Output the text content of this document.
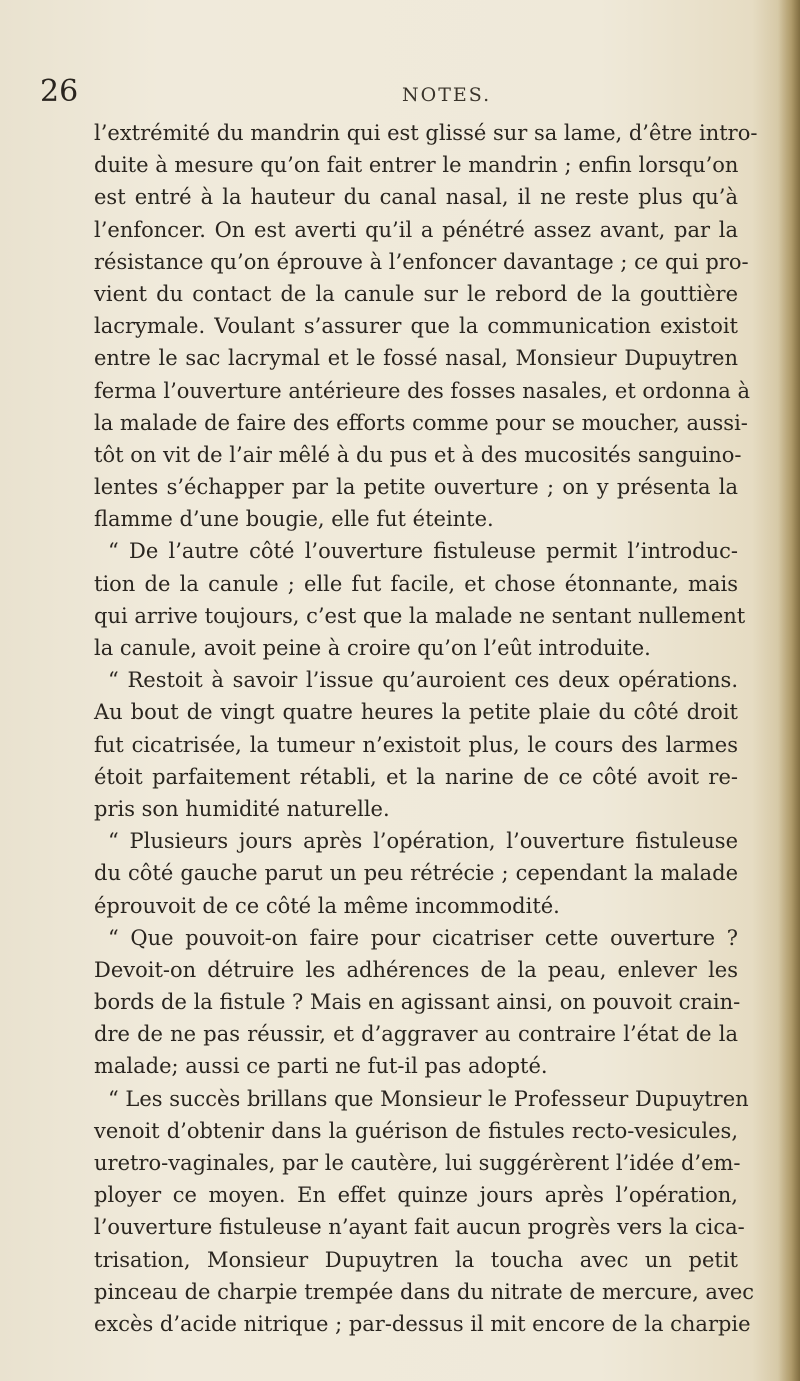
26	NOTES.
l’extrémité du mandrin qui est glissé sur sa lame, d’être intro-
duite à mesure qu’on fait entrer le mandrin ; enfin lorsqu’on
est entré à la hauteur du canal nasal, il ne reste plus qu’à
l’enfoncer. On est averti qu’il a pénétré assez avant, par la
résistance qu’on éprouve à l’enfoncer davantage ; ce qui pro-
vient du contact de la canule sur le rebord de la gouttière
lacrymale. Voulant s’assurer que la communication existoit
entre le sac lacrymal et le fossé nasal, Monsieur Dupuytren
ferma l’ouverture antérieure des fosses nasales, et ordonna à
la malade de faire des efforts comme pour se moucher, aussi-
tôt on vit de l’air mêlé à du pus et à des mucosités sanguino-
lentes s’échapper par la petite ouverture ; on y présenta la
flamme d’une bougie, elle fut éteinte.
“ De l’autre côté l’ouverture fistuleuse permit l’introduc-
tion de la canule ; elle fut facile, et chose étonnante, mais
qui arrive toujours, c’est que la malade ne sentant nullement
la canule, avoit peine à croire qu’on l’eût introduite.
“ Restoit à savoir l’issue qu’auroient ces deux opérations.
Au bout de vingt quatre heures la petite plaie du côté droit
fut cicatrisée, la tumeur n’existoit plus, le cours des larmes
étoit parfaitement rétabli, et la narine de ce côté avoit re-
pris son humidité naturelle.
“ Plusieurs jours après l’opération, l’ouverture fistuleuse
du côté gauche parut un peu rétrécie ; cependant la malade
éprouvoit de ce côté la même incommodité.
“ Que pouvoit-on faire pour cicatriser cette ouverture ?
Devoit-on détruire les adhérences de la peau, enlever les
bords de la fistule ? Mais en agissant ainsi, on pouvoit crain-
dre de ne pas réussir, et d’aggraver au contraire l’état de la
malade; aussi ce parti ne fut-il pas adopté.
“ Les succès brillans que Monsieur le Professeur Dupuytren
venoit d’obtenir dans la guérison de fistules recto-vesicules,
uretro-vaginales, par le cautère, lui suggérèrent l’idée d’em-
ployer ce moyen. En effet quinze jours après l’opération,
l’ouverture fistuleuse n’ayant fait aucun progrès vers la cica-
trisation, Monsieur Dupuytren la toucha avec un petit
pinceau de charpie trempée dans du nitrate de mercure, avec
excès d’acide nitrique ; par-dessus il mit encore de la charpie
